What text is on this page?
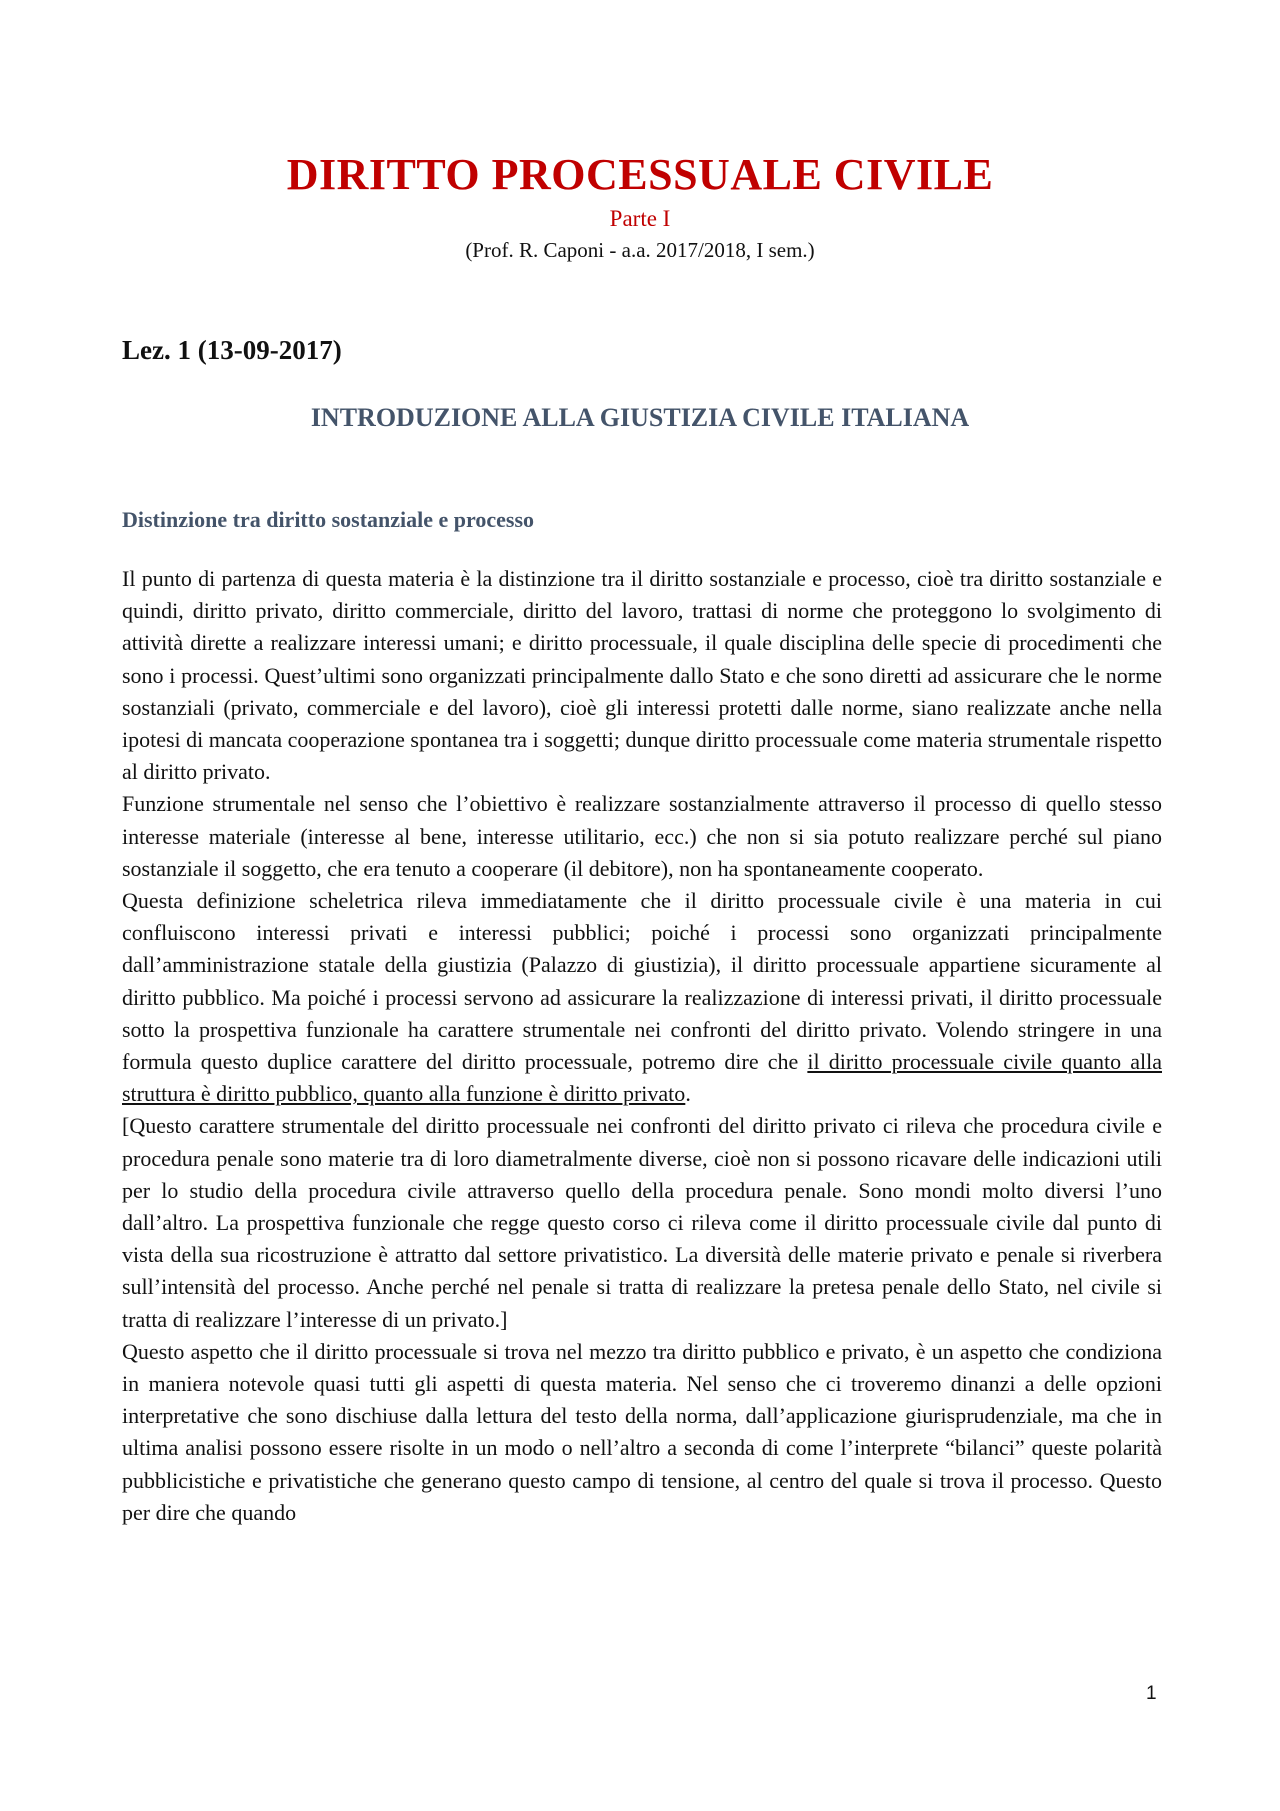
DIRITTO PROCESSUALE CIVILE
Parte I
(Prof. R. Caponi - a.a. 2017/2018, I sem.)
Lez. 1 (13-09-2017)
INTRODUZIONE ALLA GIUSTIZIA CIVILE ITALIANA
Distinzione tra diritto sostanziale e processo

Il punto di partenza di questa materia è la distinzione tra il diritto sostanziale e processo, cioè tra diritto sostanziale e quindi, diritto privato, diritto commerciale, diritto del lavoro, trattasi di norme che proteggono lo svolgimento di attività dirette a realizzare interessi umani; e diritto processuale, il quale disciplina delle specie di procedimenti che sono i processi. Quest’ultimi sono organizzati principalmente dallo Stato e che sono diretti ad assicurare che le norme sostanziali (privato, commerciale e del lavoro), cioè gli interessi protetti dalle norme, siano realizzate anche nella ipotesi di mancata cooperazione spontanea tra i soggetti; dunque diritto processuale come materia strumentale rispetto al diritto privato.

Funzione strumentale nel senso che l’obiettivo è realizzare sostanzialmente attraverso il processo di quello stesso interesse materiale (interesse al bene, interesse utilitario, ecc.) che non si sia potuto realizzare perché sul piano sostanziale il soggetto, che era tenuto a cooperare (il debitore), non ha spontaneamente cooperato.

Questa definizione scheletrica rileva immediatamente che il diritto processuale civile è una materia in cui confluiscono interessi privati e interessi pubblici; poiché i processi sono organizzati principalmente dall’amministrazione statale della giustizia (Palazzo di giustizia), il diritto processuale appartiene sicuramente al diritto pubblico. Ma poiché i processi servono ad assicurare la realizzazione di interessi privati, il diritto processuale sotto la prospettiva funzionale ha carattere strumentale nei confronti del diritto privato. Volendo stringere in una formula questo duplice carattere del diritto processuale, potremo dire che il diritto processuale civile quanto alla struttura è diritto pubblico, quanto alla funzione è diritto privato.

[Questo carattere strumentale del diritto processuale nei confronti del diritto privato ci rileva che procedura civile e procedura penale sono materie tra di loro diametralmente diverse, cioè non si possono ricavare delle indicazioni utili per lo studio della procedura civile attraverso quello della procedura penale. Sono mondi molto diversi l’uno dall’altro. La prospettiva funzionale che regge questo corso ci rileva come il diritto processuale civile dal punto di vista della sua ricostruzione è attratto dal settore privatistico. La diversità delle materie privato e penale si riverbera sull’intensità del processo. Anche perché nel penale si tratta di realizzare la pretesa penale dello Stato, nel civile si tratta di realizzare l’interesse di un privato.]

Questo aspetto che il diritto processuale si trova nel mezzo tra diritto pubblico e privato, è un aspetto che condiziona in maniera notevole quasi tutti gli aspetti di questa materia. Nel senso che ci troveremo dinanzi a delle opzioni interpretative che sono dischiuse dalla lettura del testo della norma, dall’applicazione giurisprudenziale, ma che in ultima analisi possono essere risolte in un modo o nell’altro a seconda di come l’interprete “bilanci” queste polarità pubblicistiche e privatistiche che generano questo campo di tensione, al centro del quale si trova il processo. Questo per dire che quando

1
